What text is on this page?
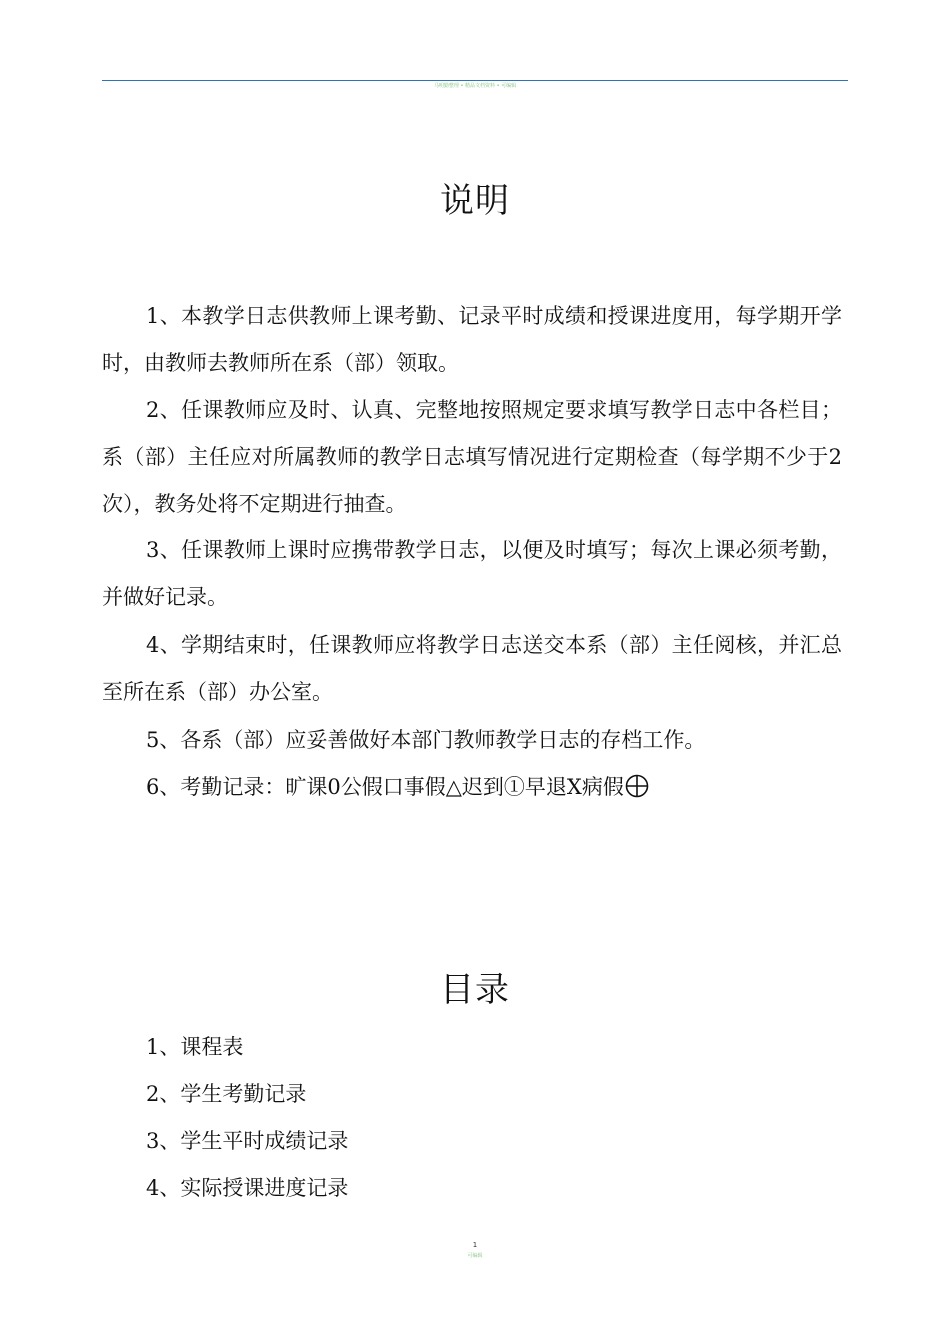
马明勤整理 • 精品文档资料 • 可编辑
说明

1、本教学日志供教师上课考勤、记录平时成绩和授课进度用，每学期开学时，由教师去教师所在系（部）领取。

2、任课教师应及时、认真、完整地按照规定要求填写教学日志中各栏目；系（部）主任应对所属教师的教学日志填写情况进行定期检查（每学期不少于2次），教务处将不定期进行抽查。

3、任课教师上课时应携带教学日志，以便及时填写；每次上课必须考勤，并做好记录。

4、学期结束时，任课教师应将教学日志送交本系（部）主任阅核，并汇总至所在系（部）办公室。

5、各系（部）应妥善做好本部门教师教学日志的存档工作。

6、考勤记录：旷课0公假口事假△迟到①早退X病假

目录
1、课程表
2、学生考勤记录
3、学生平时成绩记录
4、实际授课进度记录
1
可编辑
